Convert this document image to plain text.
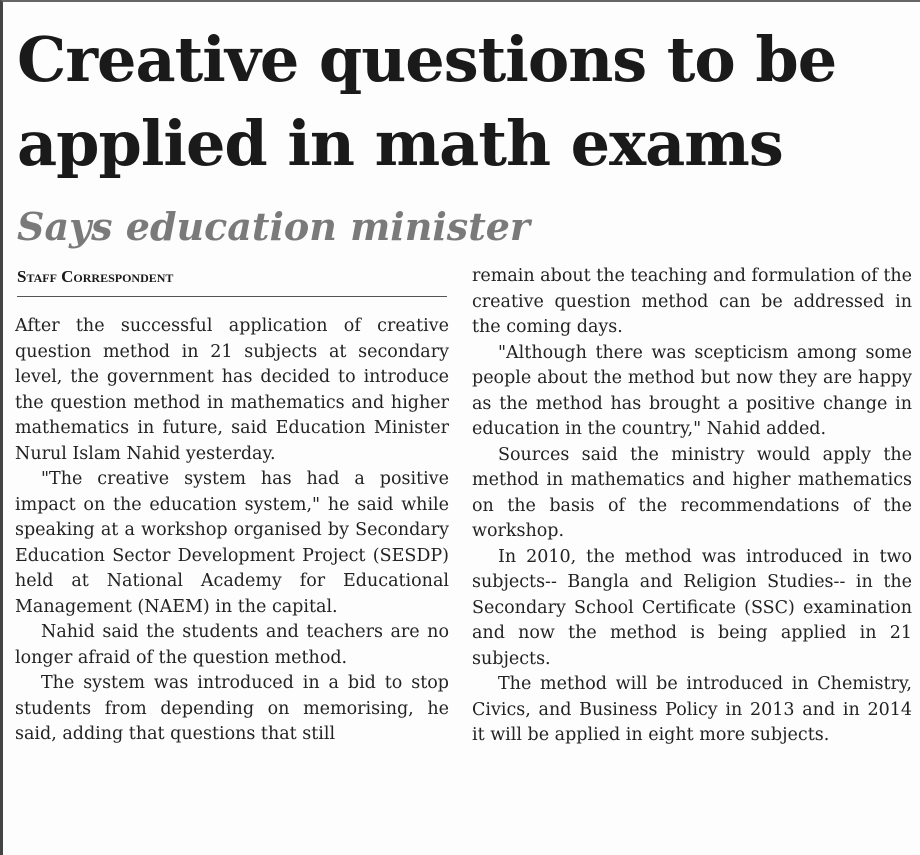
Creative questions to be applied in math exams
Says education minister
Staff Correspondent

After the successful application of creative question method in 21 subjects at secondary level, the government has decided to introduce the question method in mathematics and higher mathematics in future, said Education Minister Nurul Islam Nahid yesterday.

"The creative system has had a positive impact on the education system," he said while speaking at a workshop organised by Secondary Education Sector Development Project (SESDP) held at National Academy for Educational Management (NAEM) in the capital.

Nahid said the students and teachers are no longer afraid of the question method.

The system was introduced in a bid to stop students from depending on memorising, he said, adding that questions that still

remain about the teaching and formulation of the creative question method can be addressed in the coming days.

"Although there was scepticism among some people about the method but now they are happy as the method has brought a positive change in education in the country," Nahid added.

Sources said the ministry would apply the method in mathematics and higher mathematics on the basis of the recommendations of the workshop.

In 2010, the method was introduced in two subjects-- Bangla and Religion Studies-- in the Secondary School Certificate (SSC) examination and now the method is being applied in 21 subjects.

The method will be introduced in Chemistry, Civics, and Business Policy in 2013 and in 2014 it will be applied in eight more subjects.
